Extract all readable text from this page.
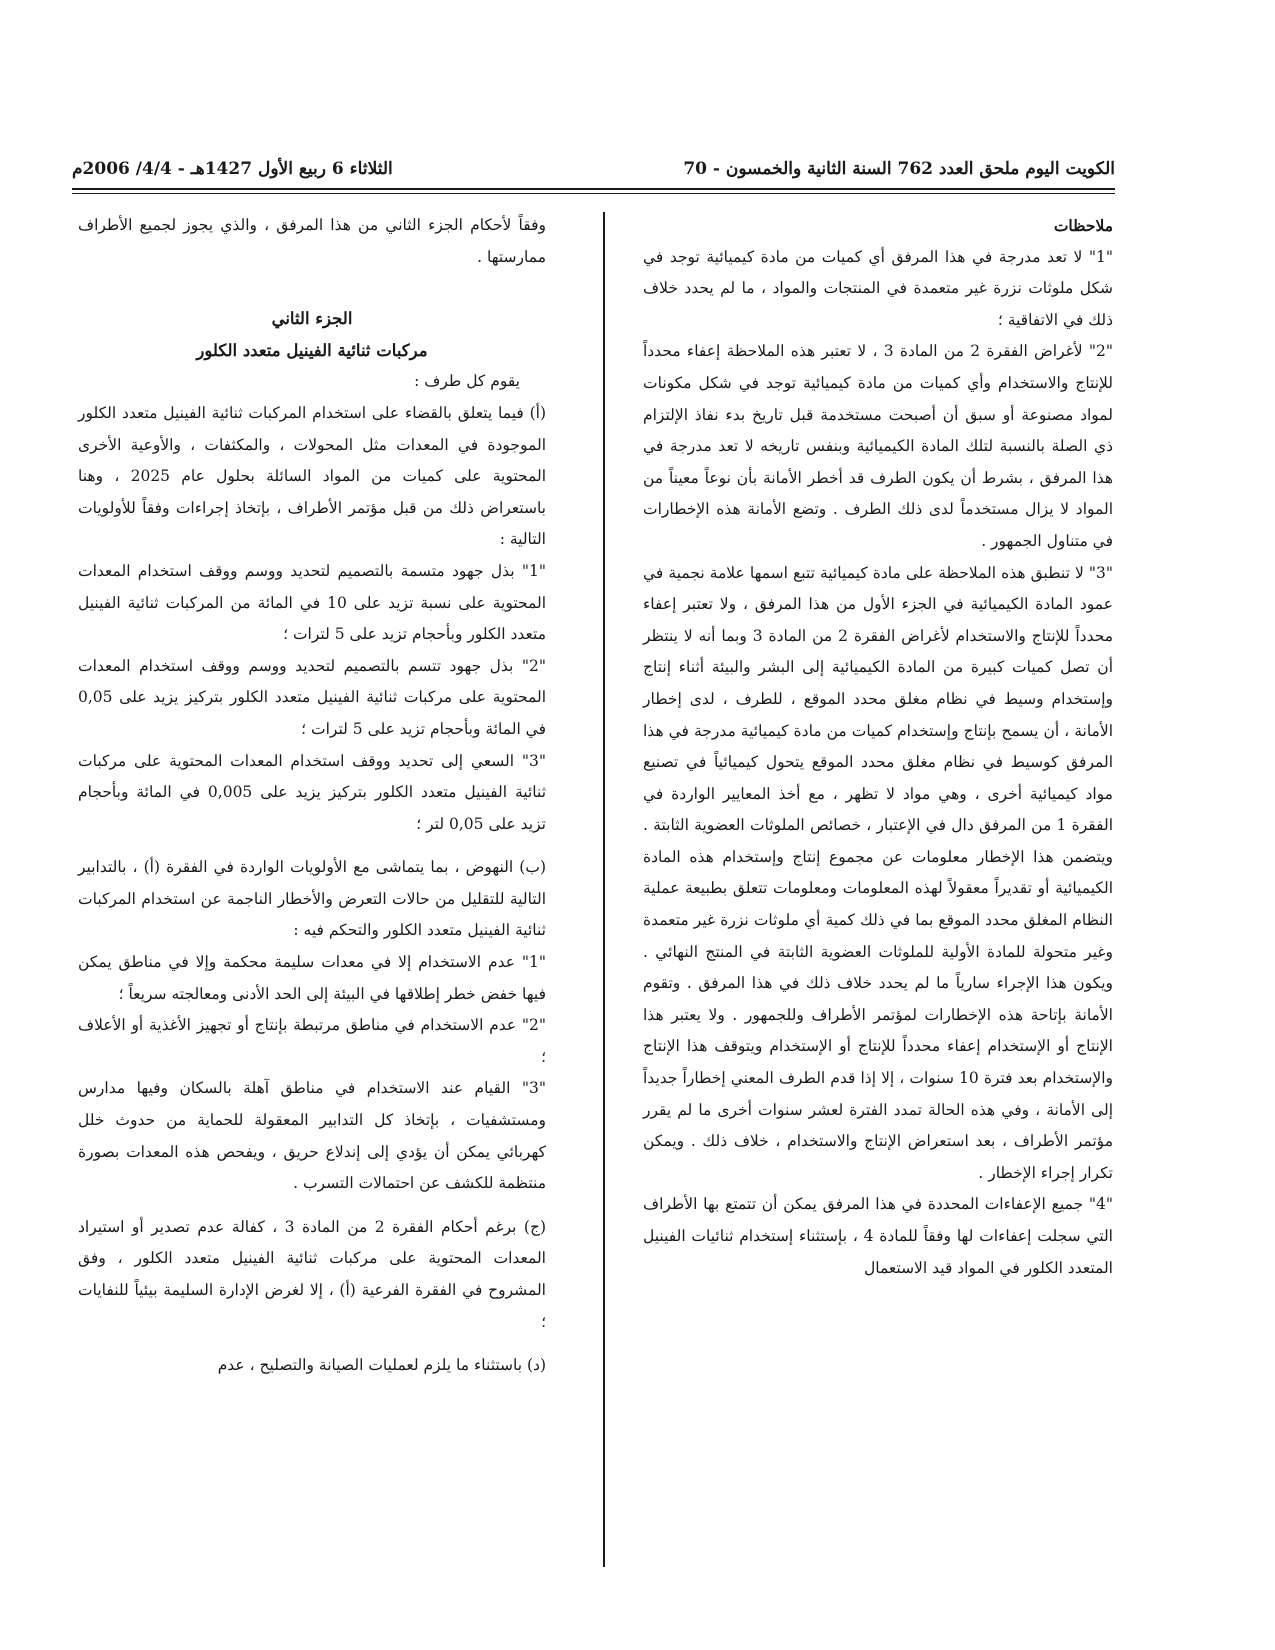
الكويت اليوم ملحق العدد 762 السنة الثانية والخمسون - 70
الثلاثاء 6 ربيع الأول 1427هـ - 4/4/ 2006م

ملاحظات

"1" لا تعد مدرجة في هذا المرفق أي كميات من مادة كيميائية توجد في شكل ملوثات نزرة غير متعمدة في المنتجات والمواد ، ما لم يحدد خلاف ذلك في الاتفاقية ؛

"2" لأغراض الفقرة 2 من المادة 3 ، لا تعتبر هذه الملاحظة إعفاء محدداً للإنتاج والاستخدام وأي كميات من مادة كيميائية توجد في شكل مكونات لمواد مصنوعة أو سبق أن أصبحت مستخدمة قبل تاريخ بدء نفاذ الإلتزام ذي الصلة بالنسبة لتلك المادة الكيميائية وبنفس تاريخه لا تعد مدرجة في هذا المرفق ، بشرط أن يكون الطرف قد أخطر الأمانة بأن نوعاً معيناً من المواد لا يزال مستخدماً لدى ذلك الطرف . وتضع الأمانة هذه الإخطارات في متناول الجمهور .

"3" لا تنطبق هذه الملاحظة على مادة كيميائية تتبع اسمها علامة نجمية في عمود المادة الكيميائية في الجزء الأول من هذا المرفق ، ولا تعتبر إعفاء محدداً للإنتاج والاستخدام لأغراض الفقرة 2 من المادة 3 وبما أنه لا ينتظر أن تصل كميات كبيرة من المادة الكيميائية إلى البشر والبيئة أثناء إنتاج وإستخدام وسيط في نظام مغلق محدد الموقع ، للطرف ، لدى إخطار الأمانة ، أن يسمح بإنتاج وإستخدام كميات من مادة كيميائية مدرجة في هذا المرفق كوسيط في نظام مغلق محدد الموقع يتحول كيميائياً في تصنيع مواد كيميائية أخرى ، وهي مواد لا تظهر ، مع أخذ المعايير الواردة في الفقرة 1 من المرفق دال في الإعتبار ، خصائص الملوثات العضوية الثابتة . ويتضمن هذا الإخطار معلومات عن مجموع إنتاج وإستخدام هذه المادة الكيميائية أو تقديراً معقولاً لهذه المعلومات ومعلومات تتعلق بطبيعة عملية النظام المغلق محدد الموقع بما في ذلك كمية أي ملوثات نزرة غير متعمدة وغير متحولة للمادة الأولية للملوثات العضوية الثابتة في المنتج النهائي . ويكون هذا الإجراء سارياً ما لم يحدد خلاف ذلك في هذا المرفق . وتقوم الأمانة بإتاحة هذه الإخطارات لمؤتمر الأطراف وللجمهور . ولا يعتبر هذا الإنتاج أو الإستخدام إعفاء محدداً للإنتاج أو الإستخدام ويتوقف هذا الإنتاج والإستخدام بعد فترة 10 سنوات ، إلا إذا قدم الطرف المعني إخطاراً جديداً إلى الأمانة ، وفي هذه الحالة تمدد الفترة لعشر سنوات أخرى ما لم يقرر مؤتمر الأطراف ، بعد استعراض الإنتاج والاستخدام ، خلاف ذلك . ويمكن تكرار إجراء الإخطار .

"4" جميع الإعفاءات المحددة في هذا المرفق يمكن أن تتمتع بها الأطراف التي سجلت إعفاءات لها وفقاً للمادة 4 ، بإستثناء إستخدام ثنائيات الفينيل المتعدد الكلور في المواد قيد الاستعمال

وفقاً لأحكام الجزء الثاني من هذا المرفق ، والذي يجوز لجميع الأطراف ممارستها .

الجزء الثاني

مركبات ثنائية الفينيل متعدد الكلور

يقوم كل طرف :

(أ) فيما يتعلق بالقضاء على استخدام المركبات ثنائية الفينيل متعدد الكلور الموجودة في المعدات مثل المحولات ، والمكثفات ، والأوعية الأخرى المحتوية على كميات من المواد السائلة بحلول عام 2025 ، وهنا باستعراض ذلك من قبل مؤتمر الأطراف ، بإتخاذ إجراءات وفقاً للأولويات التالية :

"1" بذل جهود متسمة بالتصميم لتحديد ووسم ووقف استخدام المعدات المحتوية على نسبة تزيد على 10 في المائة من المركبات ثنائية الفينيل متعدد الكلور وبأحجام تزيد على 5 لترات ؛

"2" بذل جهود تتسم بالتصميم لتحديد ووسم ووقف استخدام المعدات المحتوية على مركبات ثنائية الفينيل متعدد الكلور بتركيز يزيد على 0,05 في المائة وبأحجام تزيد على 5 لترات ؛

"3" السعي إلى تحديد ووقف استخدام المعدات المحتوية على مركبات ثنائية الفينيل متعدد الكلور بتركيز يزيد على 0,005 في المائة وبأحجام تزيد على 0,05 لتر ؛

(ب) النهوض ، بما يتماشى مع الأولويات الواردة في الفقرة (أ) ، بالتدابير التالية للتقليل من حالات التعرض والأخطار الناجمة عن استخدام المركبات ثنائية الفينيل متعدد الكلور والتحكم فيه :

"1" عدم الاستخدام إلا في معدات سليمة محكمة وإلا في مناطق يمكن فيها خفض خطر إطلاقها في البيئة إلى الحد الأدنى ومعالجته سريعاً ؛

"2" عدم الاستخدام في مناطق مرتبطة بإنتاج أو تجهيز الأغذية أو الأعلاف ؛

"3" القيام عند الاستخدام في مناطق آهلة بالسكان وفيها مدارس ومستشفيات ، بإتخاذ كل التدابير المعقولة للحماية من حدوث خلل كهربائي يمكن أن يؤدي إلى إندلاع حريق ، ويفحص هذه المعدات بصورة منتظمة للكشف عن احتمالات التسرب .

(ج) برغم أحكام الفقرة 2 من المادة 3 ، كفالة عدم تصدير أو استيراد المعدات المحتوية على مركبات ثنائية الفينيل متعدد الكلور ، وفق المشروح في الفقرة الفرعية (أ) ، إلا لغرض الإدارة السليمة بيئياً للنفايات ؛

(د) باستثناء ما يلزم لعمليات الصيانة والتصليح ، عدم
